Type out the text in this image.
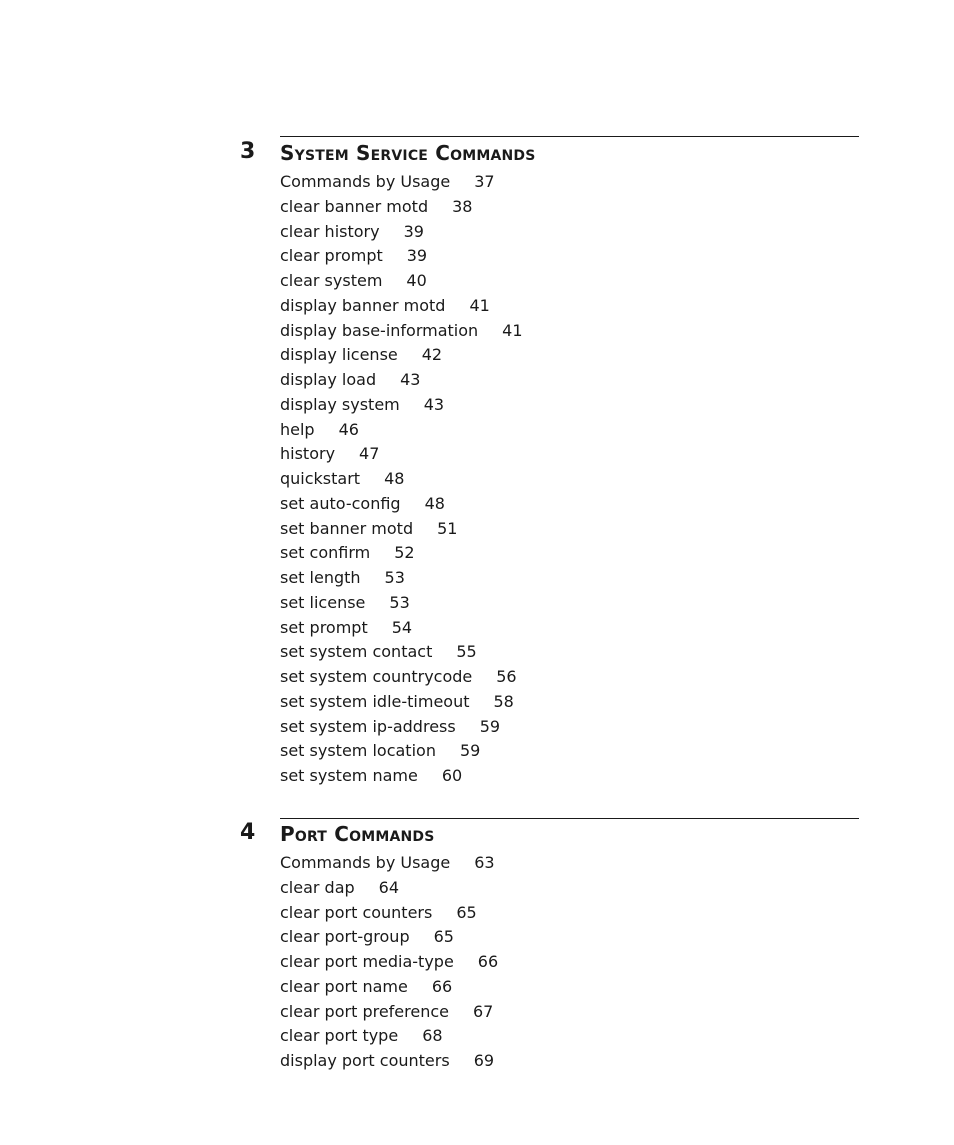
3 System Service Commands
Commands by Usage 37
clear banner motd 38
clear history 39
clear prompt 39
clear system 40
display banner motd 41
display base-information 41
display license 42
display load 43
display system 43
help 46
history 47
quickstart 48
set auto-config 48
set banner motd 51
set confirm 52
set length 53
set license 53
set prompt 54
set system contact 55
set system countrycode 56
set system idle-timeout 58
set system ip-address 59
set system location 59
set system name 60
4 Port Commands
Commands by Usage 63
clear dap 64
clear port counters 65
clear port-group 65
clear port media-type 66
clear port name 66
clear port preference 67
clear port type 68
display port counters 69
